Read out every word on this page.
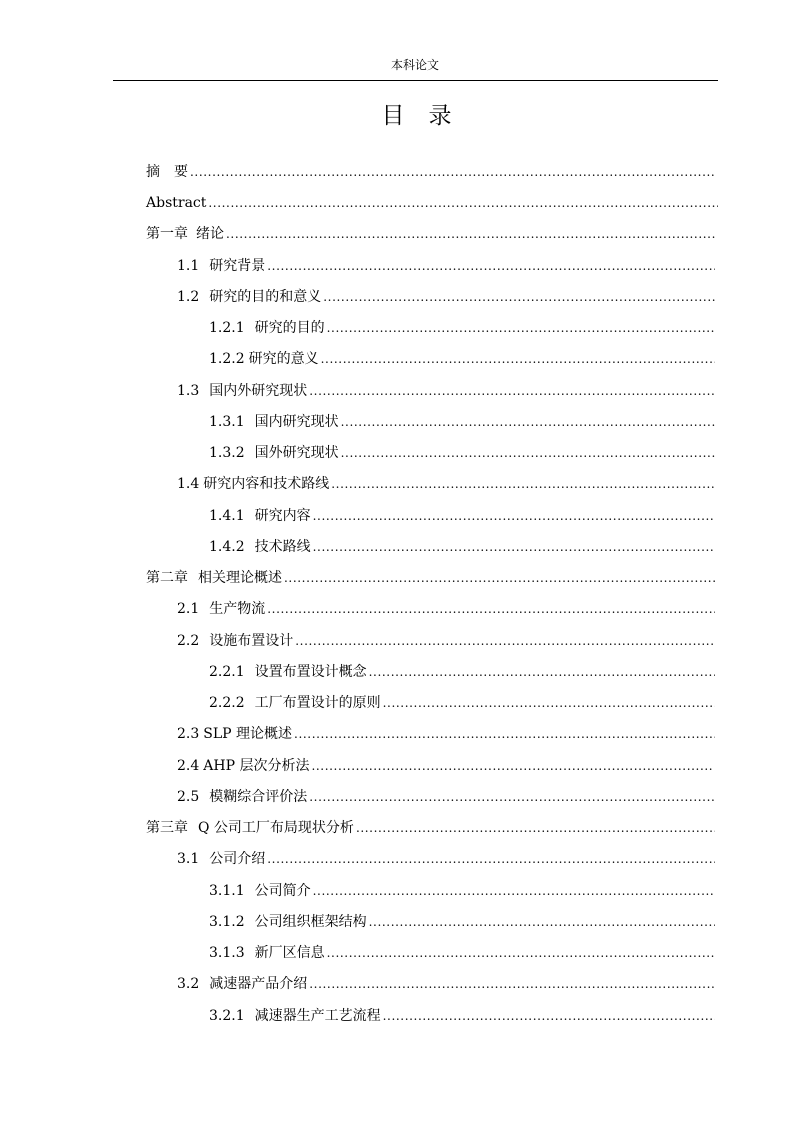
本科论文
目 录
摘　要
.....
Abstract
.....
第一章 绪论
.....
1.1 研究背景
.....
1.2 研究的目的和意义
.....
1.2.1 研究的目的
.....
1.2.2 研究的意义
.....
1.3 国内外研究现状
.....
1.3.1 国内研究现状
.....
1.3.2 国外研究现状
.....
1.4 研究内容和技术路线
.....
1.4.1 研究内容
.....
1.4.2 技术路线
.....
第二章 相关理论概述
.....
2.1 生产物流
.....
2.2 设施布置设计
.....
2.2.1 设置布置设计概念
.....
2.2.2 工厂布置设计的原则
.....
2.3 SLP 理论概述
.....
2.4 AHP 层次分析法
.....
2.5 模糊综合评价法
.....
第三章 Q 公司工厂布局现状分析
.....
3.1 公司介绍
.....
3.1.1 公司简介
.....
3.1.2 公司组织框架结构
.....
3.1.3 新厂区信息
.....
3.2 减速器产品介绍
.....
3.2.1 减速器生产工艺流程
.....
